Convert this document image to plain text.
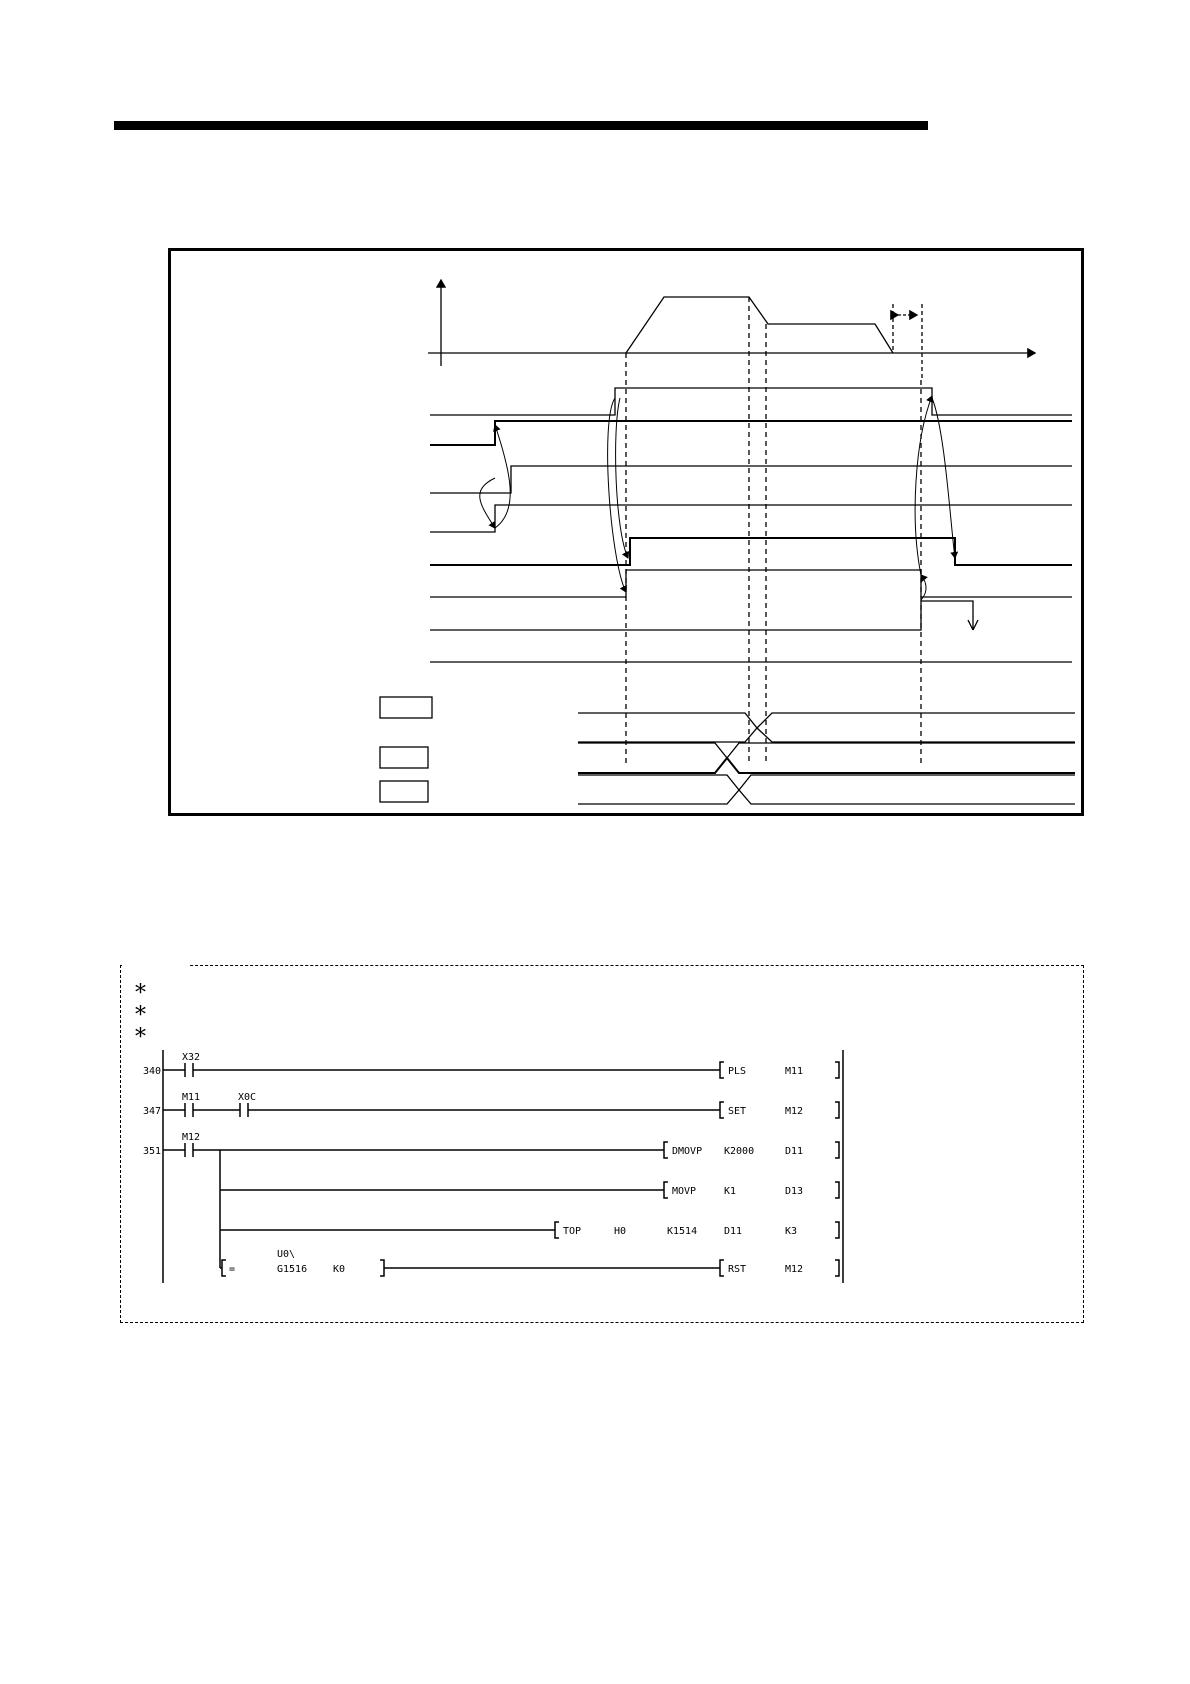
*
*
*
340
X32
PLS	M11
347
M11	X0C
SET	M12
351
M12
DMOVP K2000	D11
MOVP	K1	D13
TOP	H0	K1514	D11	K3
=
U0\
G1516	K0	RST	M12
